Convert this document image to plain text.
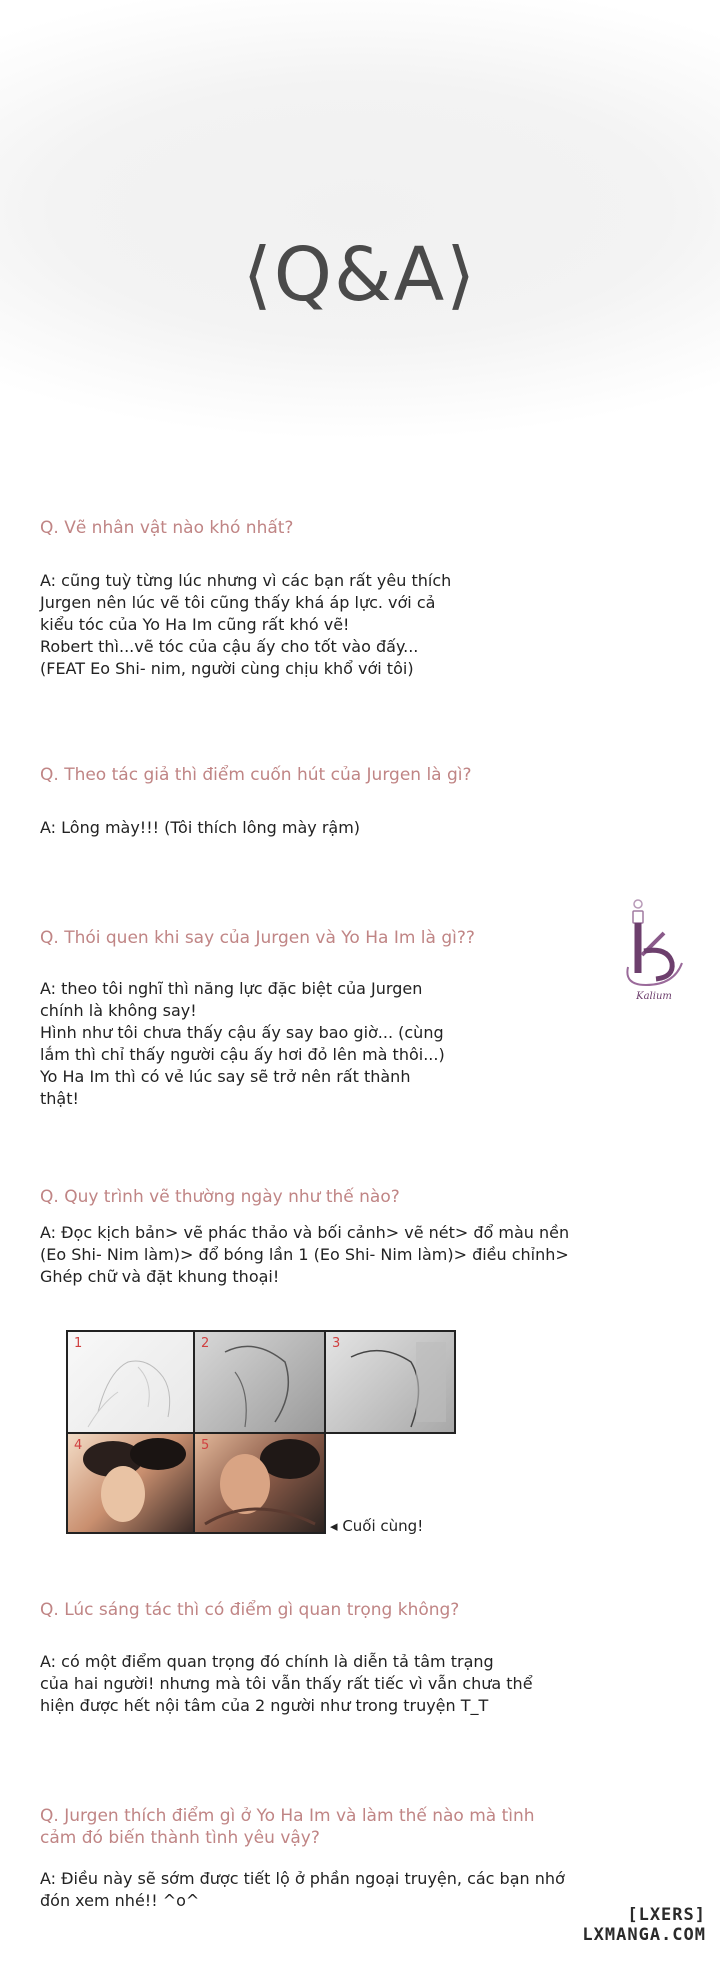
⟨Q&A⟩
Q. Vẽ nhân vật nào khó nhất?
A: cũng tuỳ từng lúc nhưng vì các bạn rất yêu thích
Jurgen nên lúc vẽ tôi cũng thấy khá áp lực. với cả
kiểu tóc của Yo Ha Im cũng rất khó vẽ!
Robert thì...vẽ tóc của cậu ấy cho tốt vào đấy...
(FEAT Eo Shi- nim, người cùng chịu khổ với tôi)
Q. Theo tác giả thì điểm cuốn hút của Jurgen là gì?
A: Lông mày!!! (Tôi thích lông mày rậm)
Kalium
Q. Thói quen khi say của Jurgen và Yo Ha Im là gì??
A: theo tôi nghĩ thì năng lực đặc biệt của Jurgen
chính là không say!
Hình như tôi chưa thấy cậu ấy say bao giờ... (cùng
lắm thì chỉ thấy người cậu ấy hơi đỏ lên mà thôi...)
Yo Ha Im thì có vẻ lúc say sẽ trở nên rất thành
thật!
Q. Quy trình vẽ thường ngày như thế nào?
A: Đọc kịch bản> vẽ phác thảo và bối cảnh> vẽ nét> đổ màu nền
(Eo Shi- Nim làm)> đổ bóng lần 1 (Eo Shi- Nim làm)> điều chỉnh>
Ghép chữ và đặt khung thoại!
1	2	3
4	5
◂ Cuối cùng!
Q. Lúc sáng tác thì có điểm gì quan trọng không?
A: có một điểm quan trọng đó chính là diễn tả tâm trạng
của hai người! nhưng mà tôi vẫn thấy rất tiếc vì vẫn chưa thể
hiện được hết nội tâm của 2 người như trong truyện T_T
Q. Jurgen thích điểm gì ở Yo Ha Im và làm thế nào mà tình
cảm đó biến thành tình yêu vậy?
A: Điều này sẽ sớm được tiết lộ ở phần ngoại truyện, các bạn nhớ
đón xem nhé!! ^o^
[LXERS]
LXMANGA.COM
